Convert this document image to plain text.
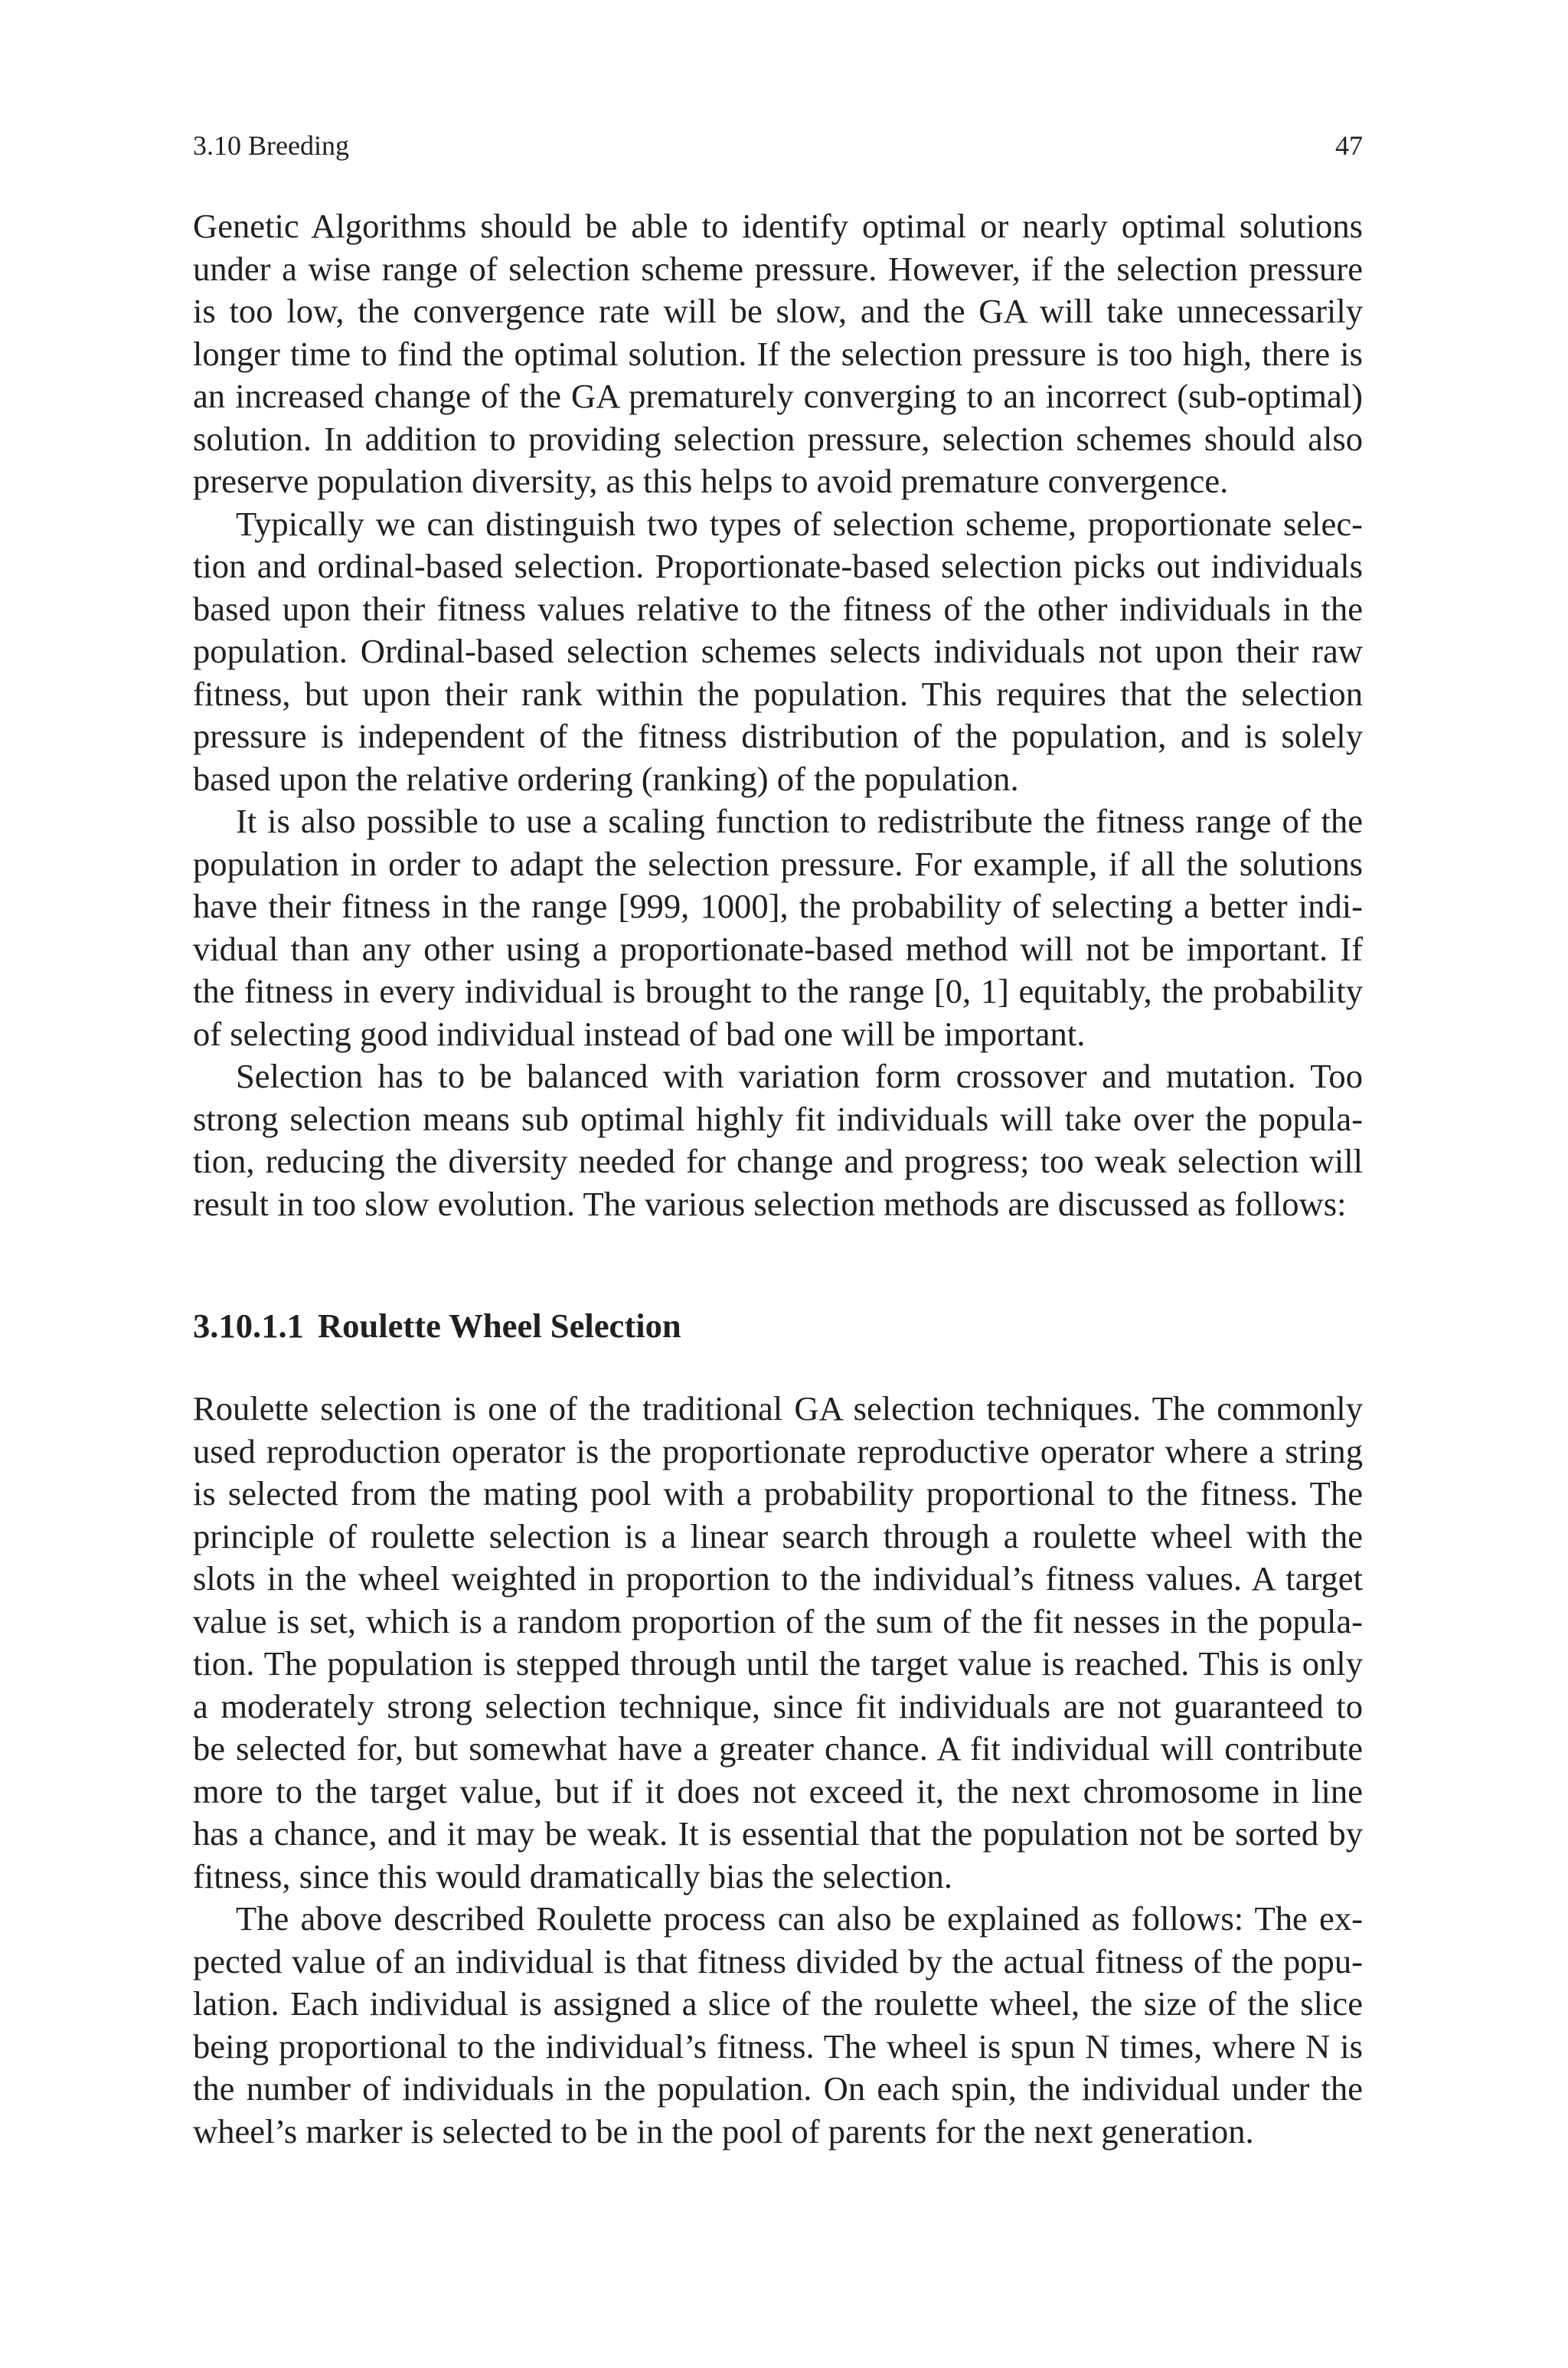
3.10 Breeding	47

Genetic Algorithms should be able to identify optimal or nearly optimal solutions

under a wise range of selection scheme pressure. However, if the selection pressure

is too low, the convergence rate will be slow, and the GA will take unnecessarily

longer time to find the optimal solution. If the selection pressure is too high, there is

an increased change of the GA prematurely converging to an incorrect (sub-optimal)

solution. In addition to providing selection pressure, selection schemes should also

preserve population diversity, as this helps to avoid premature convergence.

Typically we can distinguish two types of selection scheme, proportionate selec-

tion and ordinal-based selection. Proportionate-based selection picks out individuals

based upon their fitness values relative to the fitness of the other individuals in the

population. Ordinal-based selection schemes selects individuals not upon their raw

fitness, but upon their rank within the population. This requires that the selection

pressure is independent of the fitness distribution of the population, and is solely

based upon the relative ordering (ranking) of the population.

It is also possible to use a scaling function to redistribute the fitness range of the

population in order to adapt the selection pressure. For example, if all the solutions

have their fitness in the range [999, 1000], the probability of selecting a better indi-

vidual than any other using a proportionate-based method will not be important. If

the fitness in every individual is brought to the range [0, 1] equitably, the probability

of selecting good individual instead of bad one will be important.

Selection has to be balanced with variation form crossover and mutation. Too

strong selection means sub optimal highly fit individuals will take over the popula-

tion, reducing the diversity needed for change and progress; too weak selection will

result in too slow evolution. The various selection methods are discussed as follows:

3.10.1.1 Roulette Wheel Selection

Roulette selection is one of the traditional GA selection techniques. The commonly

used reproduction operator is the proportionate reproductive operator where a string

is selected from the mating pool with a probability proportional to the fitness. The

principle of roulette selection is a linear search through a roulette wheel with the

slots in the wheel weighted in proportion to the individual’s fitness values. A target

value is set, which is a random proportion of the sum of the fit nesses in the popula-

tion. The population is stepped through until the target value is reached. This is only

a moderately strong selection technique, since fit individuals are not guaranteed to

be selected for, but somewhat have a greater chance. A fit individual will contribute

more to the target value, but if it does not exceed it, the next chromosome in line

has a chance, and it may be weak. It is essential that the population not be sorted by

fitness, since this would dramatically bias the selection.

The above described Roulette process can also be explained as follows: The ex-

pected value of an individual is that fitness divided by the actual fitness of the popu-

lation. Each individual is assigned a slice of the roulette wheel, the size of the slice

being proportional to the individual’s fitness. The wheel is spun N times, where N is

the number of individuals in the population. On each spin, the individual under the

wheel’s marker is selected to be in the pool of parents for the next generation.
